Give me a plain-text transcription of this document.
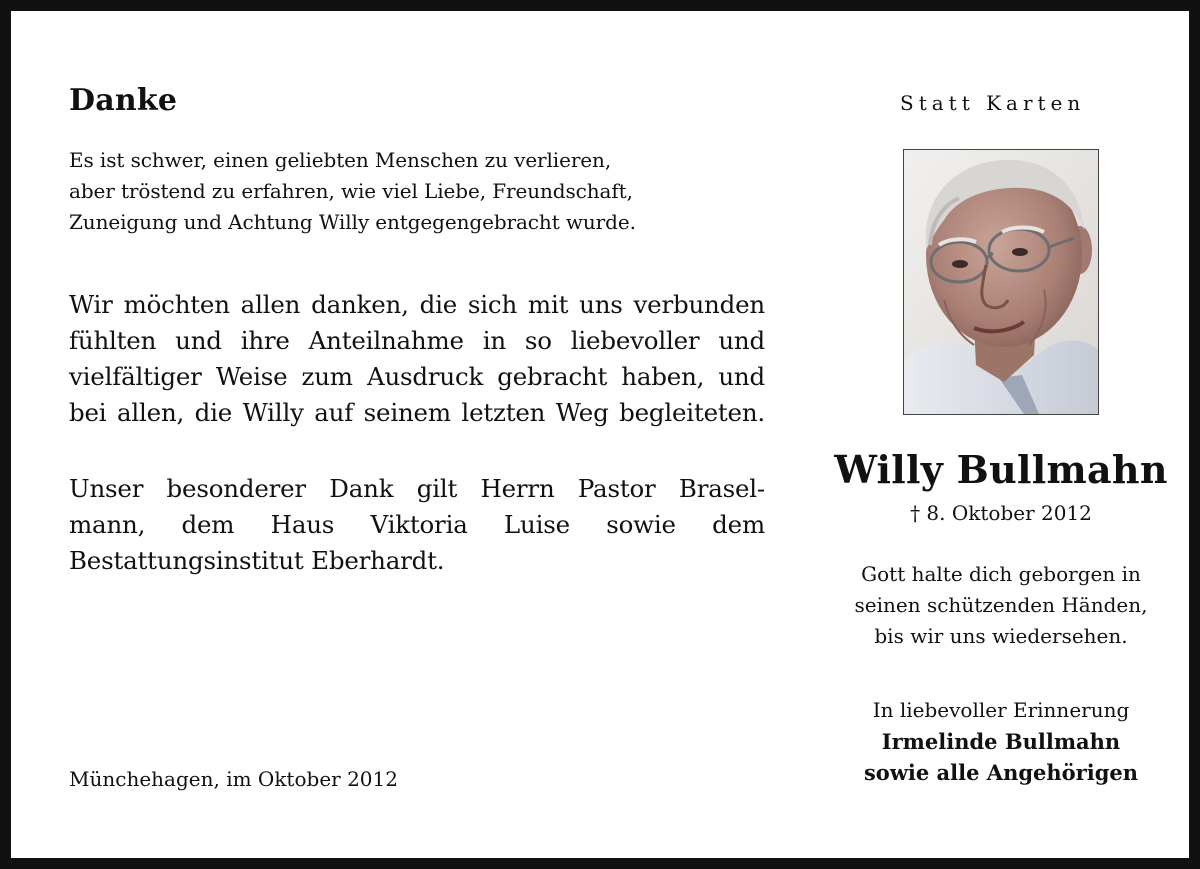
Danke

Es ist schwer, einen geliebten Menschen zu verlieren,

aber tröstend zu erfahren, wie viel Liebe, Freundschaft,

Zuneigung und Achtung Willy entgegengebracht wurde.

Wir möchten allen danken, die sich mit uns verbunden
fühlten und ihre Anteilnahme in so liebevoller und
vielfältiger Weise zum Ausdruck gebracht haben, und
bei allen, die Willy auf seinem letzten Weg begleiteten.
Unser besonderer Dank gilt Herrn Pastor Brasel-
mann, dem Haus Viktoria Luise sowie dem
Bestattungsinstitut Eberhardt.

Münchehagen, im Oktober 2012

Statt Karten

Willy Bullmahn

† 8. Oktober 2012

Gott halte dich geborgen in
seinen schützenden Händen,
bis wir uns wiedersehen.

In liebevoller Erinnerung
Irmelinde Bullmahn
sowie alle Angehörigen
